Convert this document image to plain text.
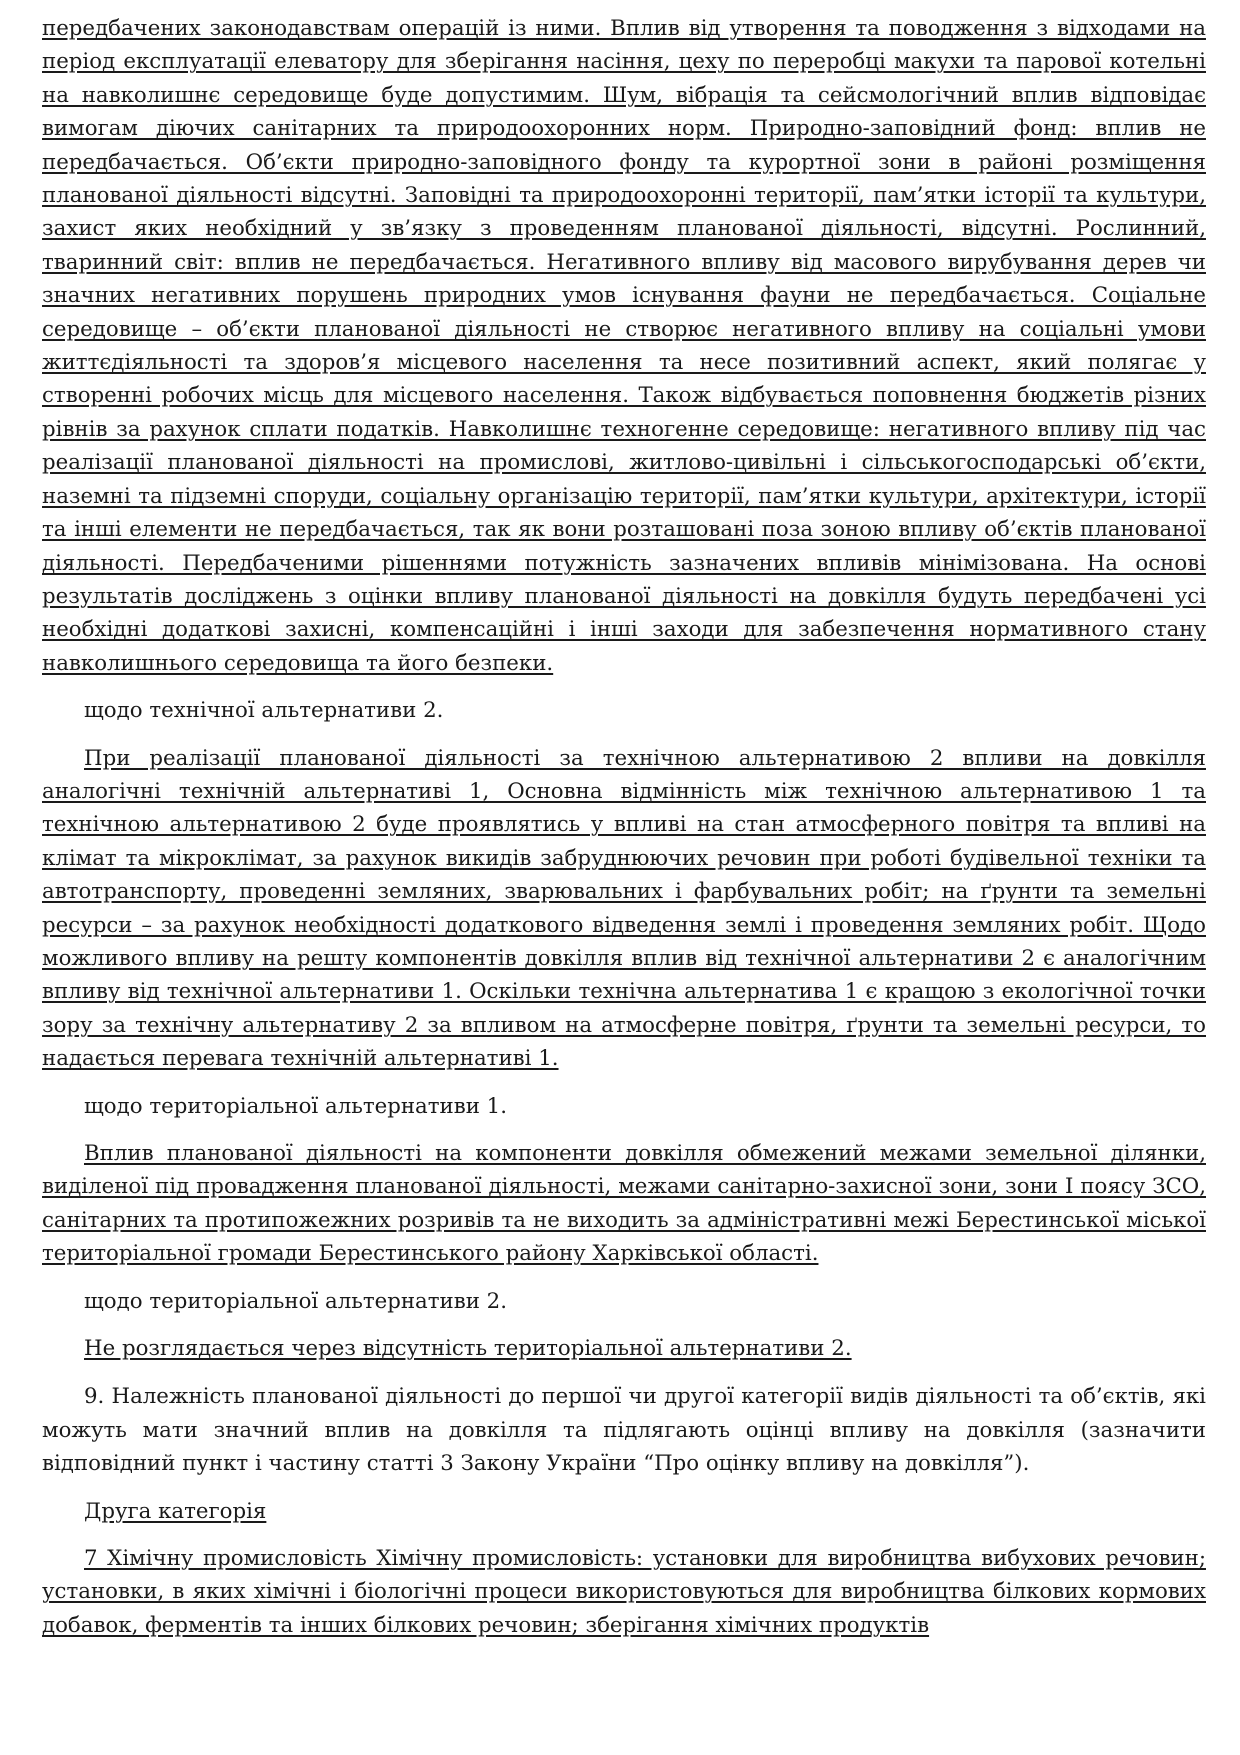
передбачених законодавствам операцій із ними. Вплив від утворення та поводження з відходами на період експлуатації елеватору для зберігання насіння, цеху по переробці макухи та парової котельні на навколишнє середовище буде допустимим. Шум, вібрація та сейсмологічний вплив відповідає вимогам діючих санітарних та природоохоронних норм. Природно-заповідний фонд: вплив не передбачається. Об’єкти природно-заповідного фонду та курортної зони в районі розміщення планованої діяльності відсутні. Заповідні та природоохоронні території, пам’ятки історії та культури, захист яких необхідний у зв’язку з проведенням планованої діяльності, відсутні. Рослинний, тваринний світ: вплив не передбачається. Негативного впливу від масового вирубування дерев чи значних негативних порушень природних умов існування фауни не передбачається. Соціальне середовище – об’єкти планованої діяльності не створює негативного впливу на соціальні умови життєдіяльності та здоров’я місцевого населення та несе позитивний аспект, який полягає у створенні робочих місць для місцевого населення. Також відбувається поповнення бюджетів різних рівнів за рахунок сплати податків. Навколишнє техногенне середовище: негативного впливу під час реалізації планованої діяльності на промислові, житлово-цивільні і сільськогосподарські об’єкти, наземні та підземні споруди, соціальну організацію території, пам’ятки культури, архітектури, історії та інші елементи не передбачається, так як вони розташовані поза зоною впливу об’єктів планованої діяльності. Передбаченими рішеннями потужність зазначених впливів мінімізована. На основі результатів досліджень з оцінки впливу планованої діяльності на довкілля будуть передбачені усі необхідні додаткові захисні, компенсаційні і інші заходи для забезпечення нормативного стану навколишнього середовища та його безпеки.

щодо технічної альтернативи 2.

При реалізації планованої діяльності за технічною альтернативою 2 впливи на довкілля аналогічні технічній альтернативі 1, Основна відмінність між технічною альтернативою 1 та технічною альтернативою 2 буде проявлятись у впливі на стан атмосферного повітря та впливі на клімат та мікроклімат, за рахунок викидів забруднюючих речовин при роботі будівельної техніки та автотранспорту, проведенні земляних, зварювальних і фарбувальних робіт; на ґрунти та земельні ресурси – за рахунок необхідності додаткового відведення землі і проведення земляних робіт. Щодо можливого впливу на решту компонентів довкілля вплив від технічної альтернативи 2 є аналогічним впливу від технічної альтернативи 1. Оскільки технічна альтернатива 1 є кращою з екологічної точки зору за технічну альтернативу 2 за впливом на атмосферне повітря, ґрунти та земельні ресурси, то надається перевага технічній альтернативі 1.

щодо територіальної альтернативи 1.

Вплив планованої діяльності на компоненти довкілля обмежений межами земельної ділянки, виділеної під провадження планованої діяльності, межами санітарно-захисної зони, зони І поясу ЗСО, санітарних та протипожежних розривів та не виходить за адміністративні межі Берестинської міської територіальної громади Берестинського району Харківської області.

щодо територіальної альтернативи 2.

Не розглядається через відсутність територіальної альтернативи 2.

9. Належність планованої діяльності до першої чи другої категорії видів діяльності та об’єктів, які можуть мати значний вплив на довкілля та підлягають оцінці впливу на довкілля (зазначити відповідний пункт і частину статті 3 Закону України “Про оцінку впливу на довкілля”).

Друга категорія

7 Хімічну промисловість Хімічну промисловість: установки для виробництва вибухових речовин; установки, в яких хімічні і біологічні процеси використовуються для виробництва білкових кормових добавок, ферментів та інших білкових речовин; зберігання хімічних продуктів
